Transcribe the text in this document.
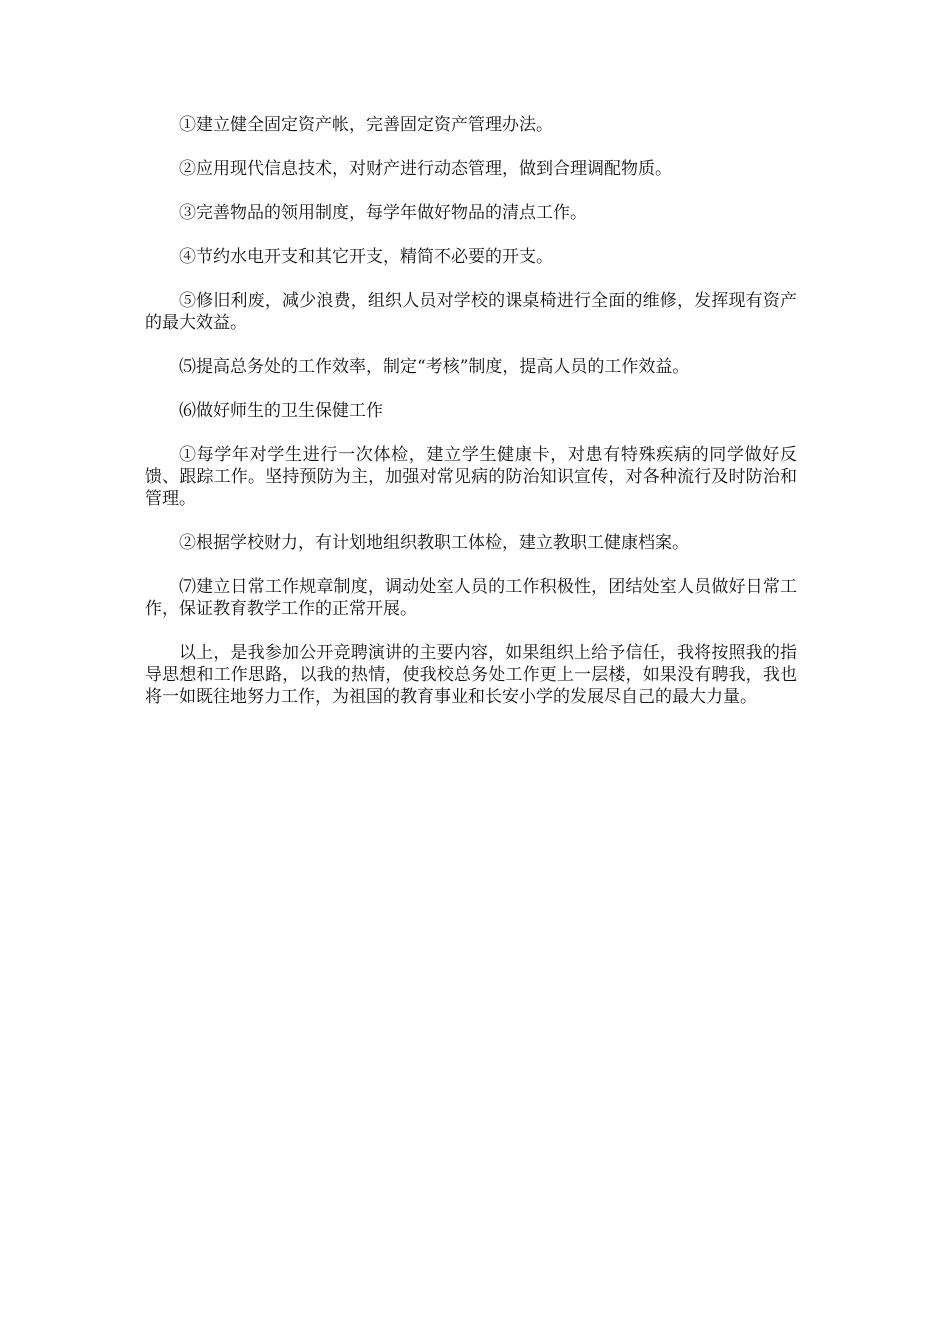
①建立健全固定资产帐，完善固定资产管理办法。

②应用现代信息技术，对财产进行动态管理，做到合理调配物质。

③完善物品的领用制度，每学年做好物品的清点工作。

④节约水电开支和其它开支，精简不必要的开支。

⑤修旧利废，减少浪费，组织人员对学校的课桌椅进行全面的维修，发挥现有资产的最大效益。

⑸提高总务处的工作效率，制定“考核”制度，提高人员的工作效益。

⑹做好师生的卫生保健工作

①每学年对学生进行一次体检，建立学生健康卡，对患有特殊疾病的同学做好反馈、跟踪工作。坚持预防为主，加强对常见病的防治知识宣传，对各种流行及时防治和管理。

②根据学校财力，有计划地组织教职工体检，建立教职工健康档案。

⑺建立日常工作规章制度，调动处室人员的工作积极性，团结处室人员做好日常工作，保证教育教学工作的正常开展。

以上，是我参加公开竞聘演讲的主要内容，如果组织上给予信任，我将按照我的指导思想和工作思路，以我的热情，使我校总务处工作更上一层楼，如果没有聘我，我也将一如既往地努力工作，为祖国的教育事业和长安小学的发展尽自己的最大力量。
